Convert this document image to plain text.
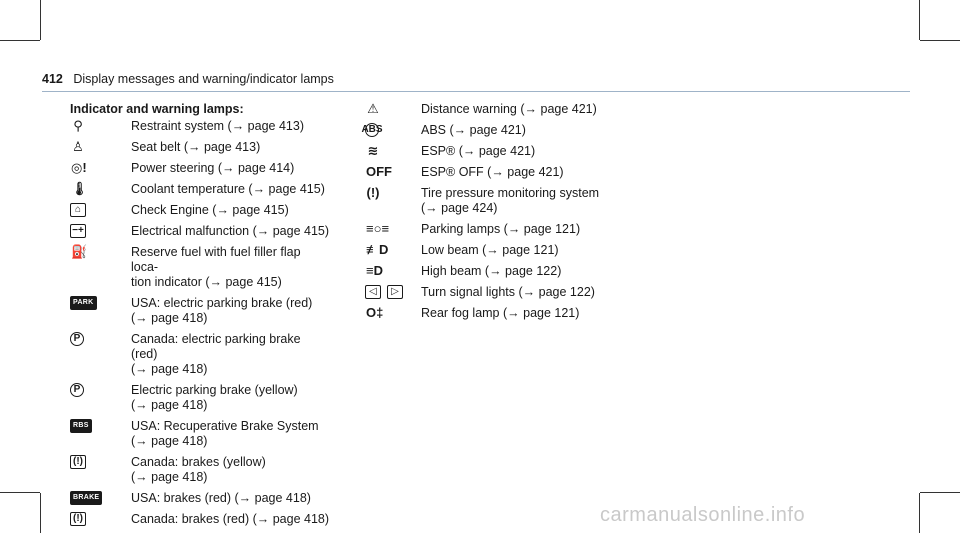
412 Display messages and warning/indicator lamps
Indicator and warning lamps:
⚲	Restraint system (→ page 413)
♙	Seat belt (→ page 413)
◎!	Power steering (→ page 414)
🌡	Coolant temperature (→ page 415)
⌂	Check Engine (→ page 415)
−+	Electrical malfunction (→ page 415)
⛽	Reserve fuel with fuel filler flap loca-
tion indicator (→ page 415)
PARK	USA: electric parking brake (red)
(→ page 418)
P	Canada: electric parking brake (red)
(→ page 418)
P	Electric parking brake (yellow)
(→ page 418)
RBS	USA: Recuperative Brake System
(→ page 418)
(!)	Canada: brakes (yellow)
(→ page 418)
BRAKE	USA: brakes (red) (→ page 418)
(!)	Canada: brakes (red) (→ page 418)
⚠	Distance warning (→ page 421)
ABS	ABS (→ page 421)
≋	ESP® (→ page 421)
OFF ESP® OFF (→ page 421)
(!)	Tire pressure monitoring system
(→ page 424)
≡○≡	Parking lamps (→ page 121)
≢D	Low beam (→ page 121)
≡D	High beam (→ page 122)
◁	▷	Turn signal lights (→ page 122)
O‡	Rear fog lamp (→ page 121)
carmanualsonline.info
